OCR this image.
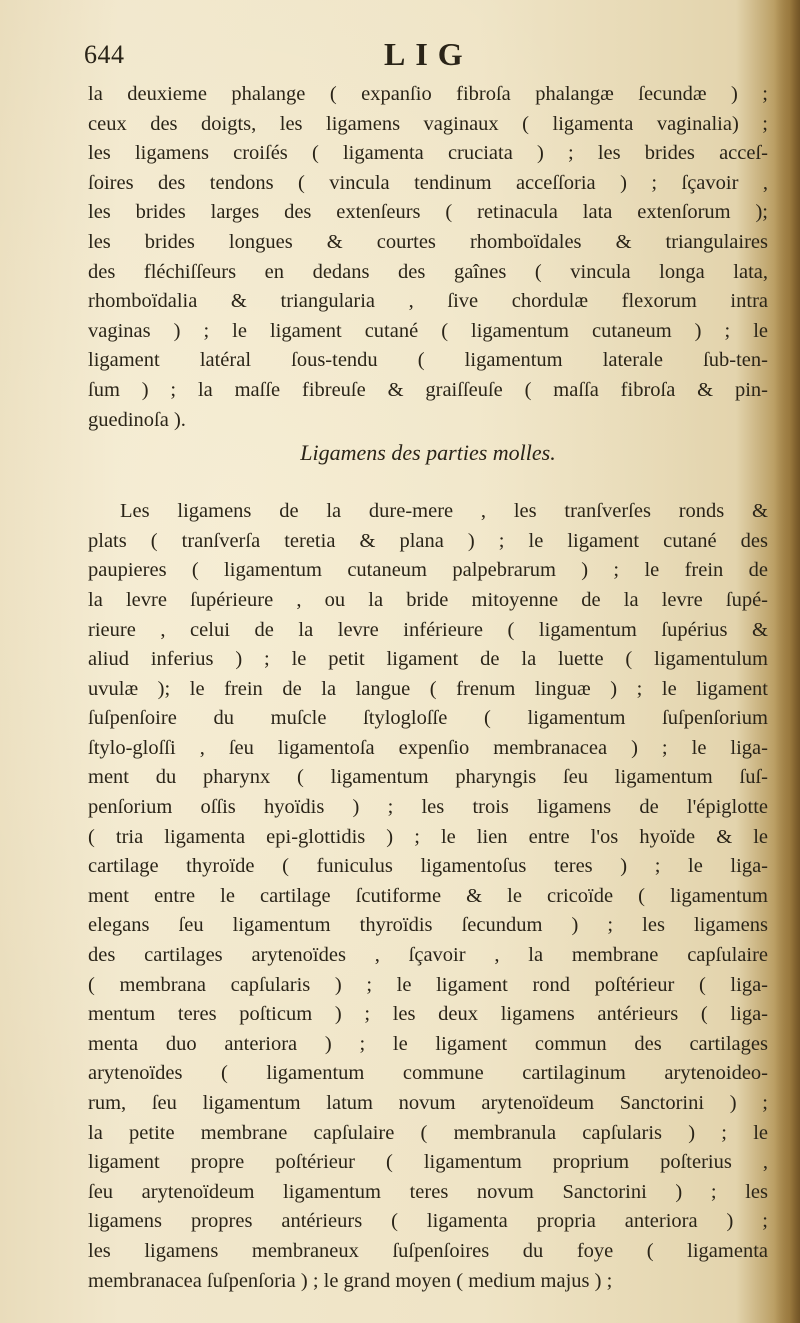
644	LIG
la deuxieme phalange ( expanſio fibroſa phalangæ ſecundæ ) ;
ceux des doigts, les ligamens vaginaux ( ligamenta vaginalia) ;
les ligamens croiſés ( ligamenta cruciata ) ; les brides acceſ-
ſoires des tendons ( vincula tendinum acceſſoria ) ; ſçavoir ,
les brides larges des extenſeurs ( retinacula lata extenſorum );
les brides longues & courtes rhomboïdales & triangulaires
des fléchiſſeurs en dedans des gaînes ( vincula longa lata,
rhomboïdalia & triangularia , ſive chordulæ flexorum intra
vaginas ) ; le ligament cutané ( ligamentum cutaneum ) ; le
ligament latéral ſous-tendu ( ligamentum laterale ſub-ten-
ſum ) ; la maſſe fibreuſe & graiſſeuſe ( maſſa fibroſa & pin-
guedinoſa ).
Ligamens des parties molles.
Les ligamens de la dure-mere , les tranſverſes ronds &
plats ( tranſverſa teretia & plana ) ; le ligament cutané des
paupieres ( ligamentum cutaneum palpebrarum ) ; le frein de
la levre ſupérieure , ou la bride mitoyenne de la levre ſupé-
rieure , celui de la levre inférieure ( ligamentum ſupérius &
aliud inferius ) ; le petit ligament de la luette ( ligamentulum
uvulæ ); le frein de la langue ( frenum linguæ ) ; le ligament
ſuſpenſoire du muſcle ſtylogloſſe ( ligamentum ſuſpenſorium
ſtylo-gloſſi , ſeu ligamentoſa expenſio membranacea ) ; le liga-
ment du pharynx ( ligamentum pharyngis ſeu ligamentum ſuſ-
penſorium oſſis hyoïdis ) ; les trois ligamens de l'épiglotte
( tria ligamenta epi-glottidis ) ; le lien entre l'os hyoïde & le
cartilage thyroïde ( funiculus ligamentoſus teres ) ; le liga-
ment entre le cartilage ſcutiforme & le cricoïde ( ligamentum
elegans ſeu ligamentum thyroïdis ſecundum ) ; les ligamens
des cartilages arytenoïdes , ſçavoir , la membrane capſulaire
( membrana capſularis ) ; le ligament rond poſtérieur ( liga-
mentum teres poſticum ) ; les deux ligamens antérieurs ( liga-
menta duo anteriora ) ; le ligament commun des cartilages
arytenoïdes ( ligamentum commune cartilaginum arytenoideo-
rum, ſeu ligamentum latum novum arytenoïdeum Sanctorini ) ;
la petite membrane capſulaire ( membranula capſularis ) ; le
ligament propre poſtérieur ( ligamentum proprium poſterius ,
ſeu arytenoïdeum ligamentum teres novum Sanctorini ) ; les
ligamens propres antérieurs ( ligamenta propria anteriora ) ;
les ligamens membraneux ſuſpenſoires du foye ( ligamenta
membranacea ſuſpenſoria ) ; le grand moyen ( medium majus ) ;
